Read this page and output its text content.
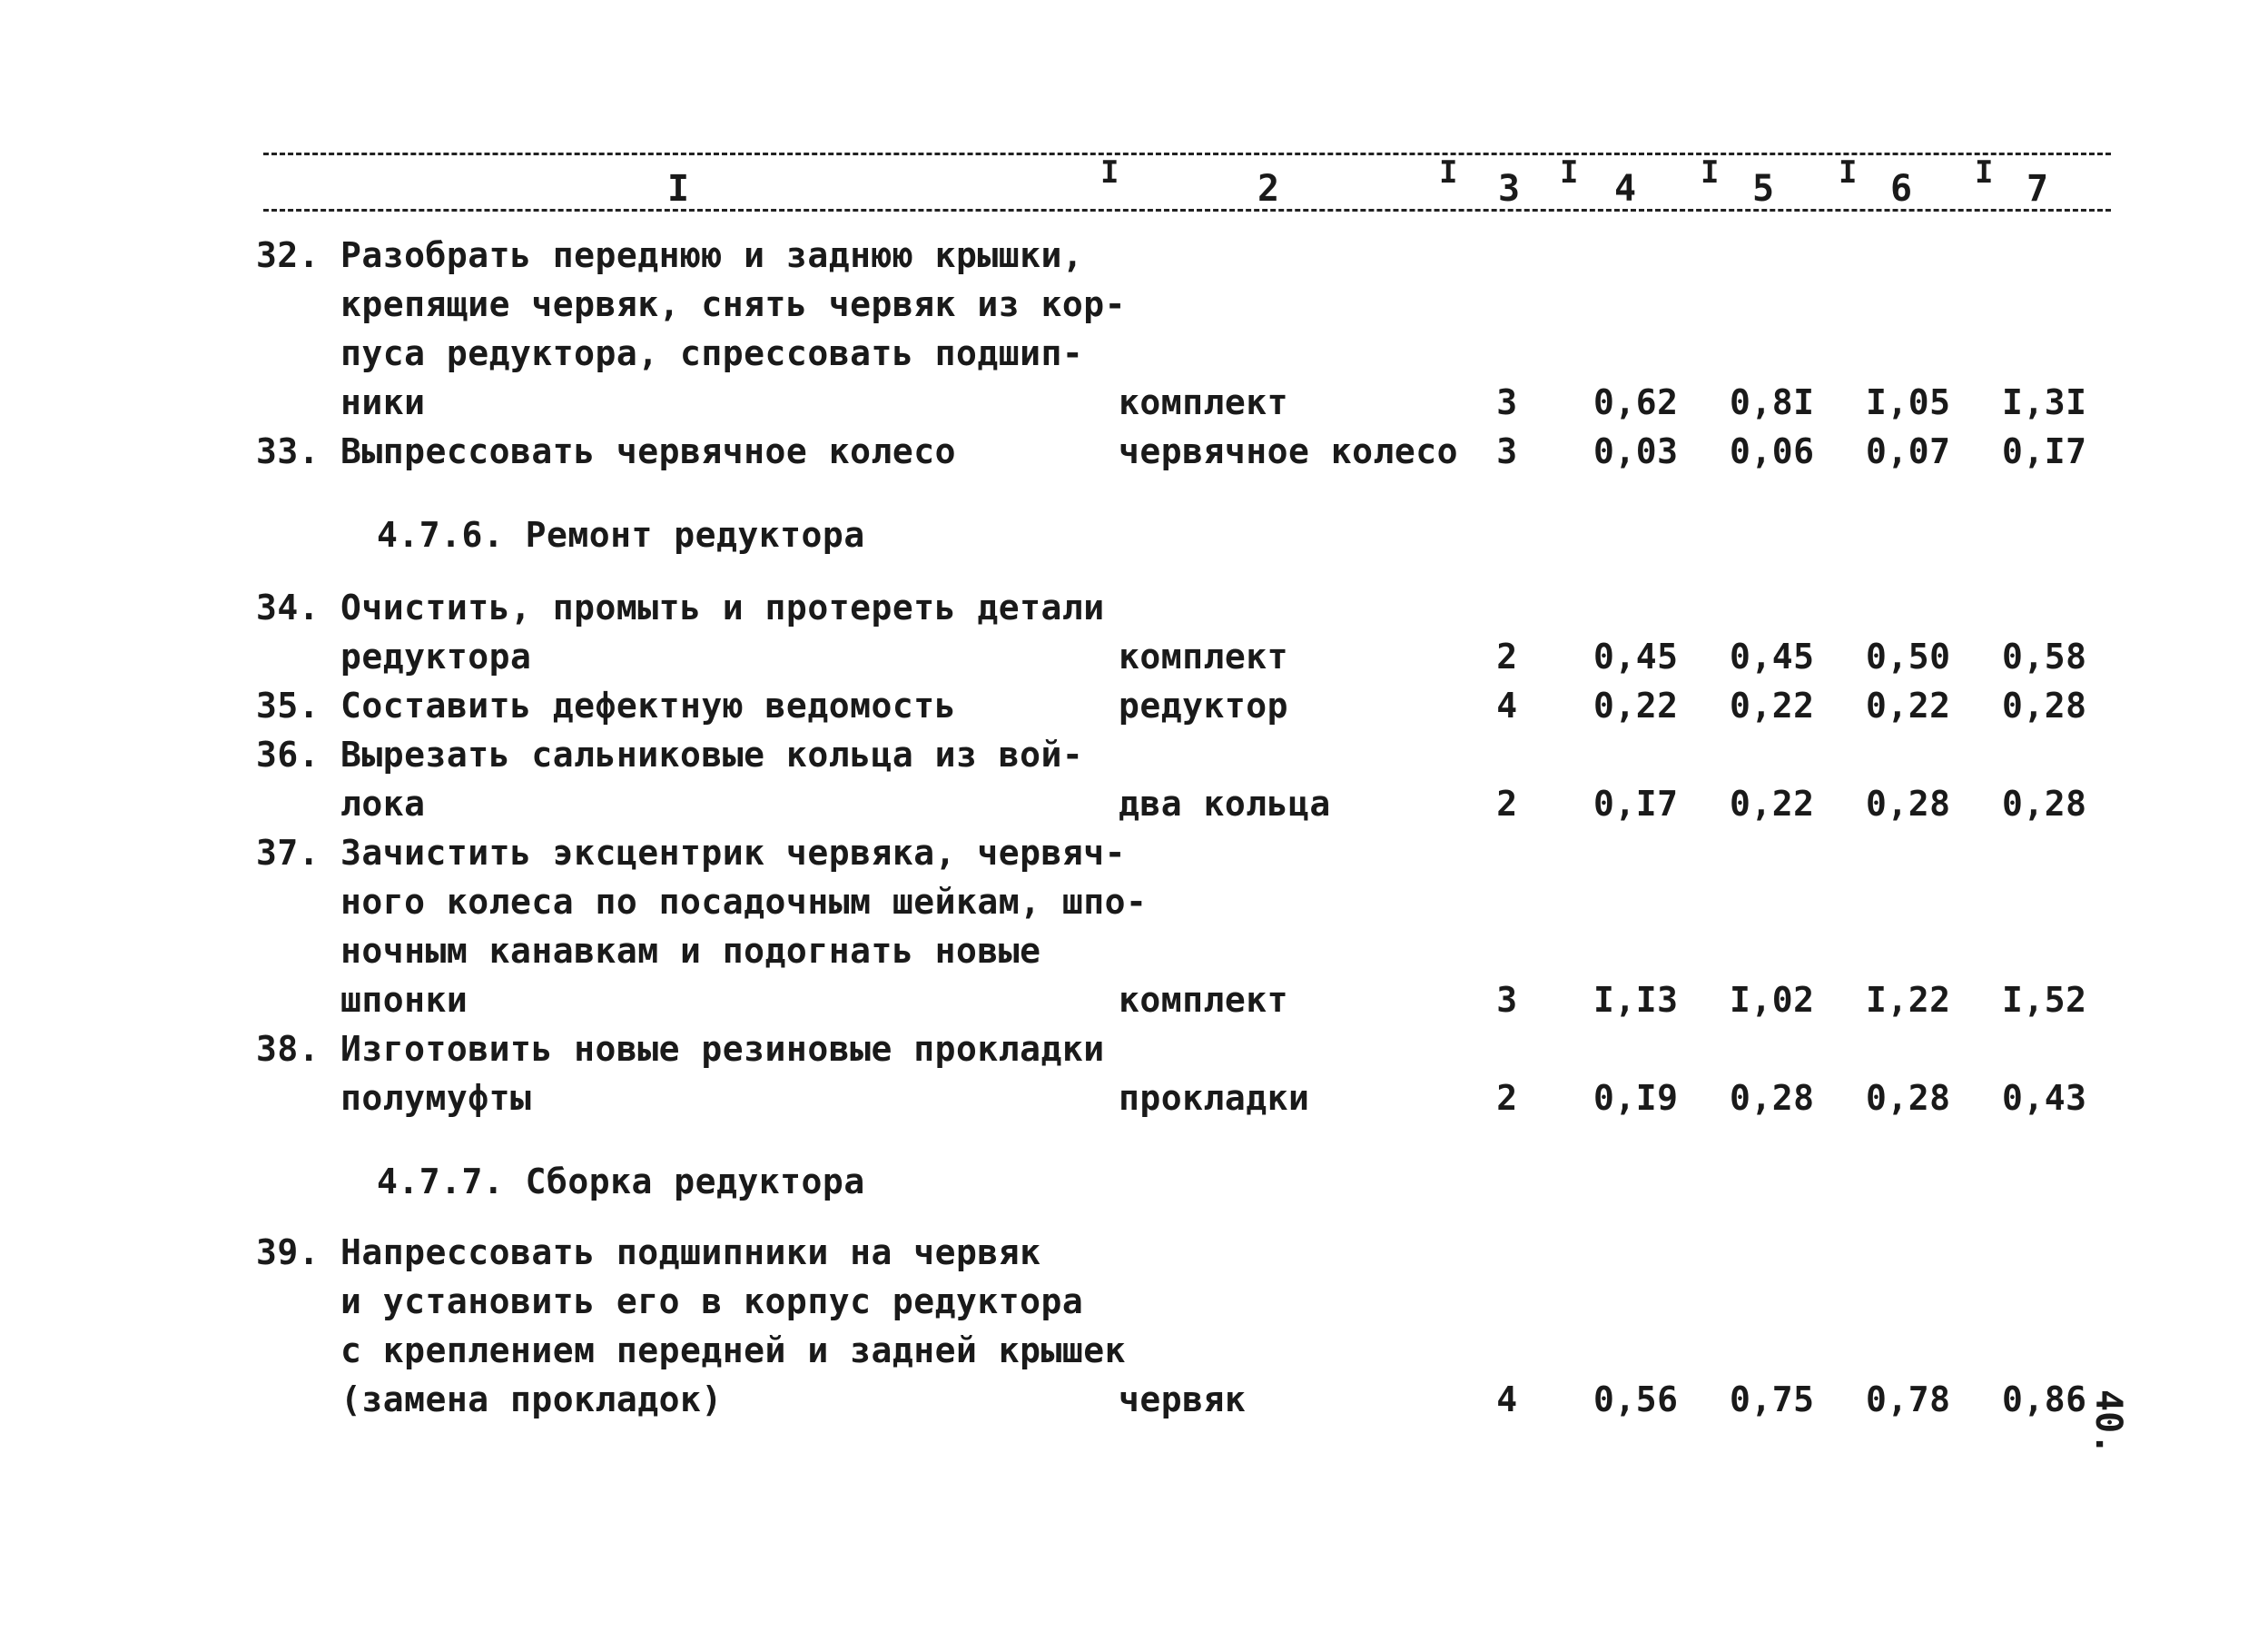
I	2	3	4	5	6	7
I	I	I	I	I	I
32. Разобрать переднюю и заднюю крышки,
крепящие червяк, снять червяк из кор-
пуса редуктора, спрессовать подшип-
ники	комплект	3 0,62 0,8I I,05 I,3I
33. Выпрессовать червячное колесо	червячное колесо 3 0,03 0,06 0,07 0,I7
4.7.6. Ремонт редуктора
34. Очистить, промыть и протереть детали
редуктора	комплект	2 0,45 0,45 0,50 0,58
35. Составить дефектную ведомость	редуктор	4 0,22 0,22 0,22 0,28
36. Вырезать сальниковые кольца из вой-
лока	два кольца	2 0,I7 0,22 0,28 0,28
37. Зачистить эксцентрик червяка, червяч-
ного колеса по посадочным шейкам, шпо-
ночным канавкам и подогнать новые
шпонки	комплект	3 I,I3 I,02 I,22 I,52
38. Изготовить новые резиновые прокладки
полумуфты	прокладки	2 0,I9 0,28 0,28 0,43
4.7.7. Сборка редуктора
39. Напрессовать подшипники на червяк
и установить его в корпус редуктора
с креплением передней и задней крышек
(замена прокладок)	червяк	4 0,56 0,75 0,78 0,86 40.
